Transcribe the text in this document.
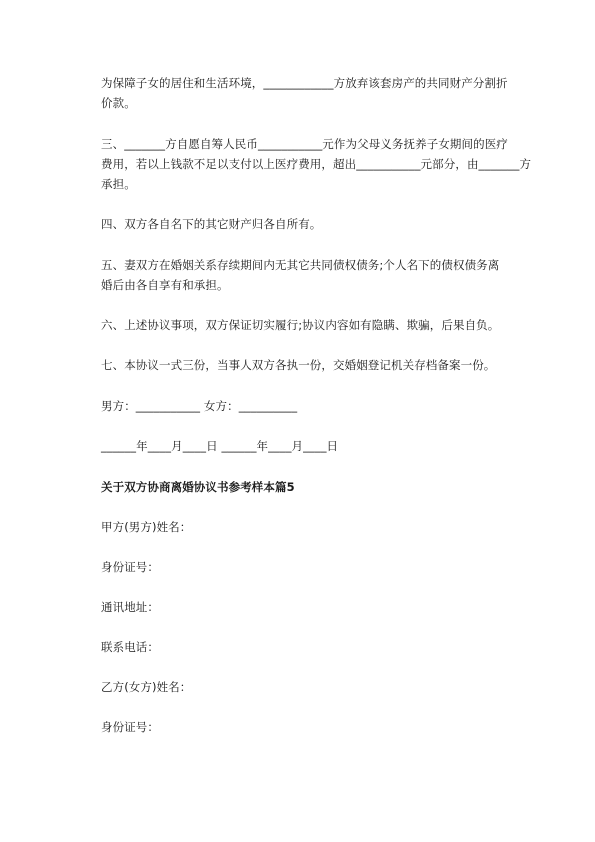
为保障子女的居住和生活环境，____________方放弃该套房产的共同财产分割折
价款。
三、_______方自愿自筹人民币___________元作为父母义务抚养子女期间的医疗
费用，若以上钱款不足以支付以上医疗费用，超出___________元部分，由_______方
承担。
四、双方各自名下的其它财产归各自所有。
五、妻双方在婚姻关系存续期间内无其它共同债权债务;个人名下的债权债务离
婚后由各自享有和承担。
六、上述协议事项，双方保证切实履行;协议内容如有隐瞒、欺骗，后果自负。
七、本协议一式三份，当事人双方各执一份，交婚姻登记机关存档备案一份。
男方：___________ 女方：__________
______年____月____日 ______年____月____日
关于双方协商离婚协议书参考样本篇5
甲方(男方)姓名：
身份证号：
通讯地址：
联系电话：
乙方(女方)姓名：
身份证号：
